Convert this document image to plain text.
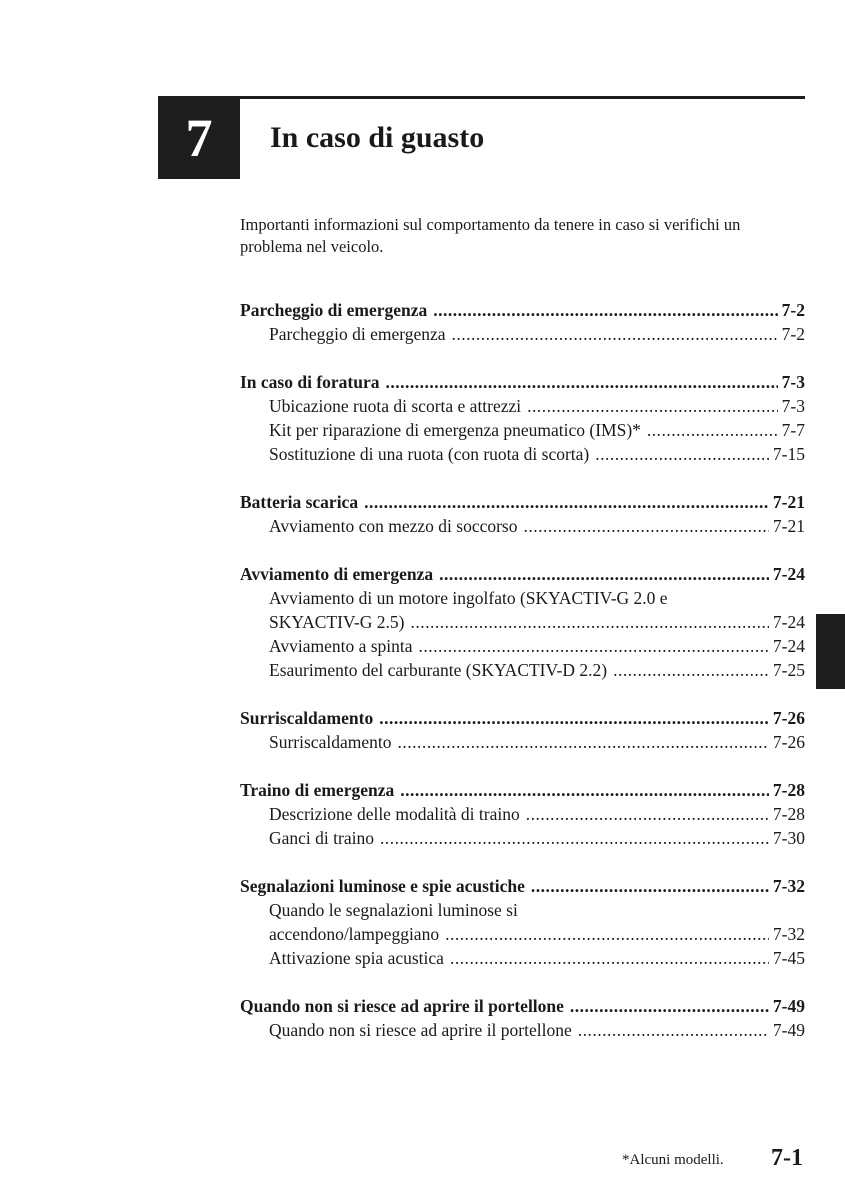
7	In caso di guasto
Importanti informazioni sul comportamento da tenere in caso si verifichi un problema nel veicolo.
Parcheggio di emergenza .....	7-2
Parcheggio di emergenza .....	7-2
In caso di foratura .....	7-3
Ubicazione ruota di scorta e attrezzi .....	7-3
Kit per riparazione di emergenza pneumatico (IMS)* .....	7-7
Sostituzione di una ruota (con ruota di scorta) .....	7-15
Batteria scarica .....	7-21
Avviamento con mezzo di soccorso .....	7-21
Avviamento di emergenza .....	7-24
Avviamento di un motore ingolfato (SKYACTIV-G 2.0 e
SKYACTIV-G 2.5) .....	7-24
Avviamento a spinta .....	7-24
Esaurimento del carburante (SKYACTIV-D 2.2) .....	7-25
Surriscaldamento .....	7-26
Surriscaldamento .....	7-26
Traino di emergenza .....	7-28
Descrizione delle modalità di traino .....	7-28
Ganci di traino .....	7-30
Segnalazioni luminose e spie acustiche .....	7-32
Quando le segnalazioni luminose si
accendono/lampeggiano .....	7-32
Attivazione spia acustica .....	7-45
Quando non si riesce ad aprire il portellone .....	7-49
Quando non si riesce ad aprire il portellone .....	7-49
*Alcuni modelli. 7-1
